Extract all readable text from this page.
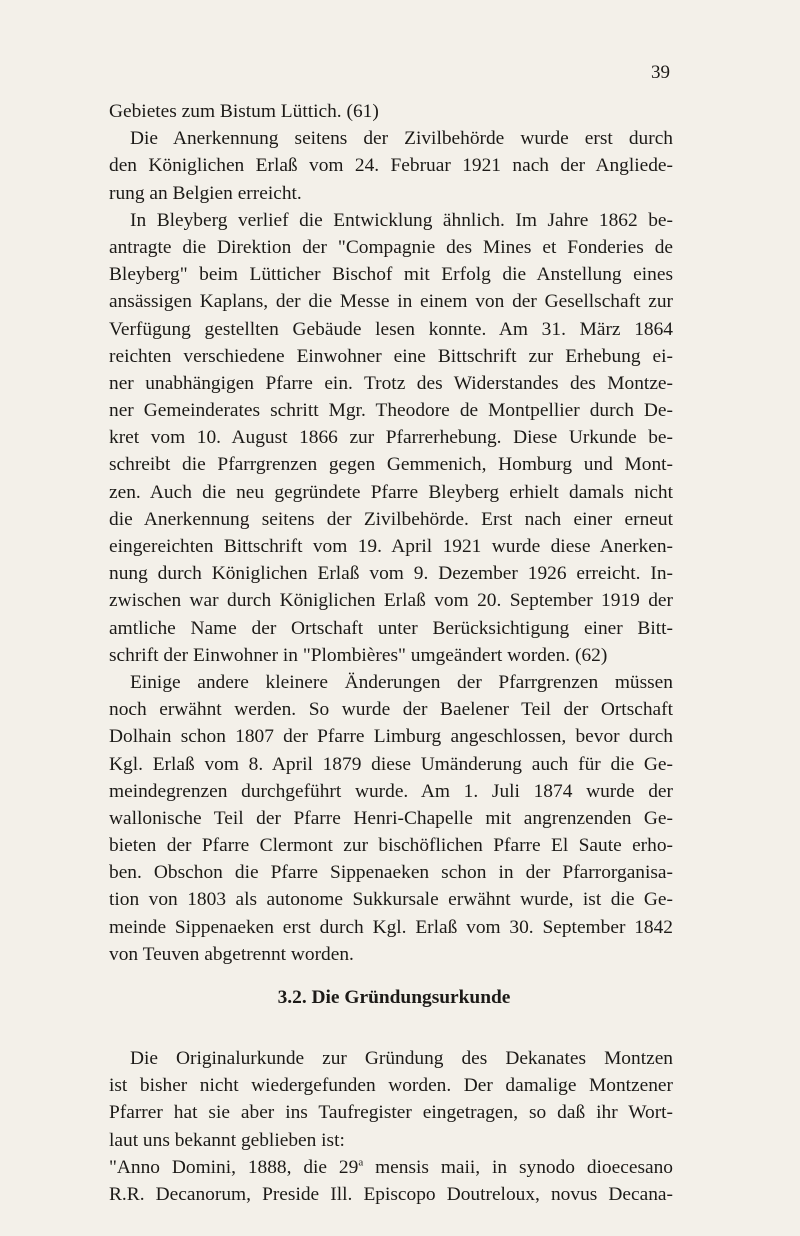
39
Gebietes zum Bistum Lüttich. (61)
Die Anerkennung seitens der Zivilbehörde wurde erst durch
den Königlichen Erlaß vom 24. Februar 1921 nach der Angliede-
rung an Belgien erreicht.
In Bleyberg verlief die Entwicklung ähnlich. Im Jahre 1862 be-
antragte die Direktion der "Compagnie des Mines et Fonderies de
Bleyberg" beim Lütticher Bischof mit Erfolg die Anstellung eines
ansässigen Kaplans, der die Messe in einem von der Gesellschaft zur
Verfügung gestellten Gebäude lesen konnte. Am 31. März 1864
reichten verschiedene Einwohner eine Bittschrift zur Erhebung ei-
ner unabhängigen Pfarre ein. Trotz des Widerstandes des Montze-
ner Gemeinderates schritt Mgr. Theodore de Montpellier durch De-
kret vom 10. August 1866 zur Pfarrerhebung. Diese Urkunde be-
schreibt die Pfarrgrenzen gegen Gemmenich, Homburg und Mont-
zen. Auch die neu gegründete Pfarre Bleyberg erhielt damals nicht
die Anerkennung seitens der Zivilbehörde. Erst nach einer erneut
eingereichten Bittschrift vom 19. April 1921 wurde diese Anerken-
nung durch Königlichen Erlaß vom 9. Dezember 1926 erreicht. In-
zwischen war durch Königlichen Erlaß vom 20. September 1919 der
amtliche Name der Ortschaft unter Berücksichtigung einer Bitt-
schrift der Einwohner in "Plombières" umgeändert worden. (62)
Einige andere kleinere Änderungen der Pfarrgrenzen müssen
noch erwähnt werden. So wurde der Baelener Teil der Ortschaft
Dolhain schon 1807 der Pfarre Limburg angeschlossen, bevor durch
Kgl. Erlaß vom 8. April 1879 diese Umänderung auch für die Ge-
meindegrenzen durchgeführt wurde. Am 1. Juli 1874 wurde der
wallonische Teil der Pfarre Henri-Chapelle mit angrenzenden Ge-
bieten der Pfarre Clermont zur bischöflichen Pfarre El Saute erho-
ben. Obschon die Pfarre Sippenaeken schon in der Pfarrorganisa-
tion von 1803 als autonome Sukkursale erwähnt wurde, ist die Ge-
meinde Sippenaeken erst durch Kgl. Erlaß vom 30. September 1842
von Teuven abgetrennt worden.
3.2. Die Gründungsurkunde
Die Originalurkunde zur Gründung des Dekanates Montzen
ist bisher nicht wiedergefunden worden. Der damalige Montzener
Pfarrer hat sie aber ins Taufregister eingetragen, so daß ihr Wort-
laut uns bekannt geblieben ist:
"Anno Domini, 1888, die 29$^a$ mensis maii, in synodo dioecesano
R.R. Decanorum, Preside Ill. Episcopo Doutreloux, novus Decana-
